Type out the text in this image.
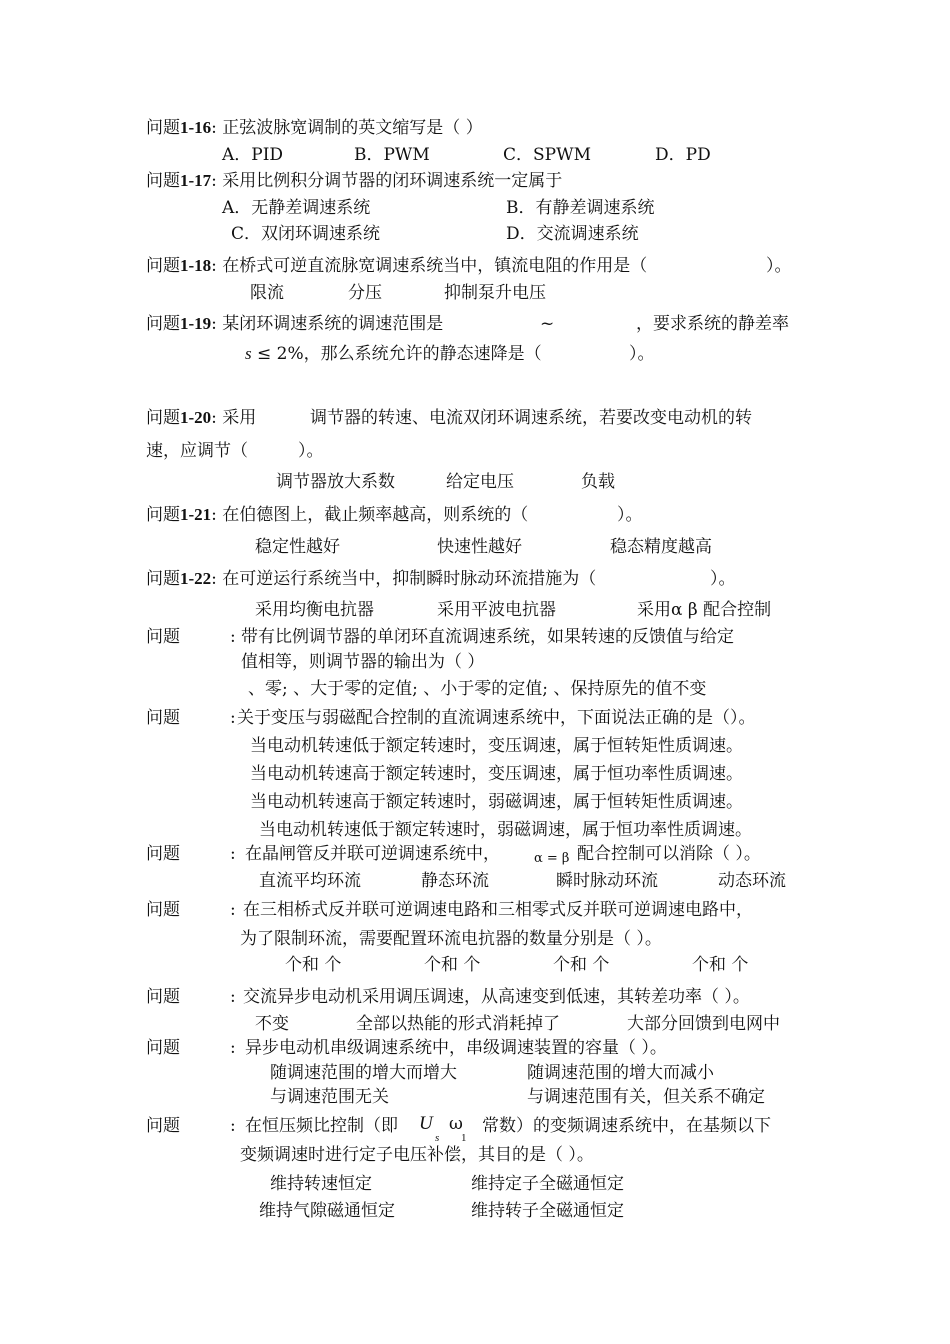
问题1-16: 正弦波脉宽调制的英文缩写是（ ）
A．PID	B．PWM	C．SPWM	D．PD
问题1-17: 采用比例积分调节器的闭环调速系统一定属于
A．无静差调速系统	B．有静差调速系统
C．双闭环调速系统	D．交流调速系统
问题1-18: 在桥式可逆直流脉宽调速系统当中，镇流电阻的作用是（	）。
限流	分压	抑制泵升电压
问题1-19: 某闭环调速系统的调速范围是	~	，要求系统的静差率
s ≤ 2%，那么系统允许的静态速降是（	）。
问题1-20: 采用	调节器的转速、电流双闭环调速系统，若要改变电动机的转
速，应调节（	）。
调节器放大系数	给定电压	负载
问题1-21: 在伯德图上，截止频率越高，则系统的（	）。
稳定性越好	快速性越好	稳态精度越高
问题1-22: 在可逆运行系统当中，抑制瞬时脉动环流措施为（	）。
采用均衡电抗器	采用平波电抗器	采用α β 配合控制
问题	: 带有比例调节器的单闭环直流调速系统，如果转速的反馈值与给定
值相等，则调节器的输出为（ ）
、零; 、大于零的定值; 、小于零的定值; 、保持原先的值不变
问题	: 关于变压与弱磁配合控制的直流调速系统中，下面说法正确的是（）。
当电动机转速低于额定转速时，变压调速，属于恒转矩性质调速。
当电动机转速高于额定转速时，变压调速，属于恒功率性质调速。
当电动机转速高于额定转速时，弱磁调速，属于恒转矩性质调速。
当电动机转速低于额定转速时，弱磁调速，属于恒功率性质调速。
问题	: 在晶闸管反并联可逆调速系统中，	α = β 配合控制可以消除（ ）。
直流平均环流	静态环流	瞬时脉动环流	动态环流
问题	: 在三相桥式反并联可逆调速电路和三相零式反并联可逆调速电路中，
为了限制环流，需要配置环流电抗器的数量分别是（ ）。
个和 个	个和 个	个和 个	个和 个
问题	: 交流异步电动机采用调压调速，从高速变到低速，其转差功率（ ）。
不变	全部以热能的形式消耗掉了	大部分回馈到电网中
问题	: 异步电动机串级调速系统中，串级调速装置的容量（ ）。
随调速范围的增大而增大	随调速范围的增大而减小
与调速范围无关	与调速范围有关，但关系不确定
问题	: 在恒压频比控制（即 U ω
s 1
常数）的变频调速系统中，在基频以下
变频调速时进行定子电压补偿，其目的是（ ）。
维持转速恒定	维持定子全磁通恒定
维持气隙磁通恒定	维持转子全磁通恒定
